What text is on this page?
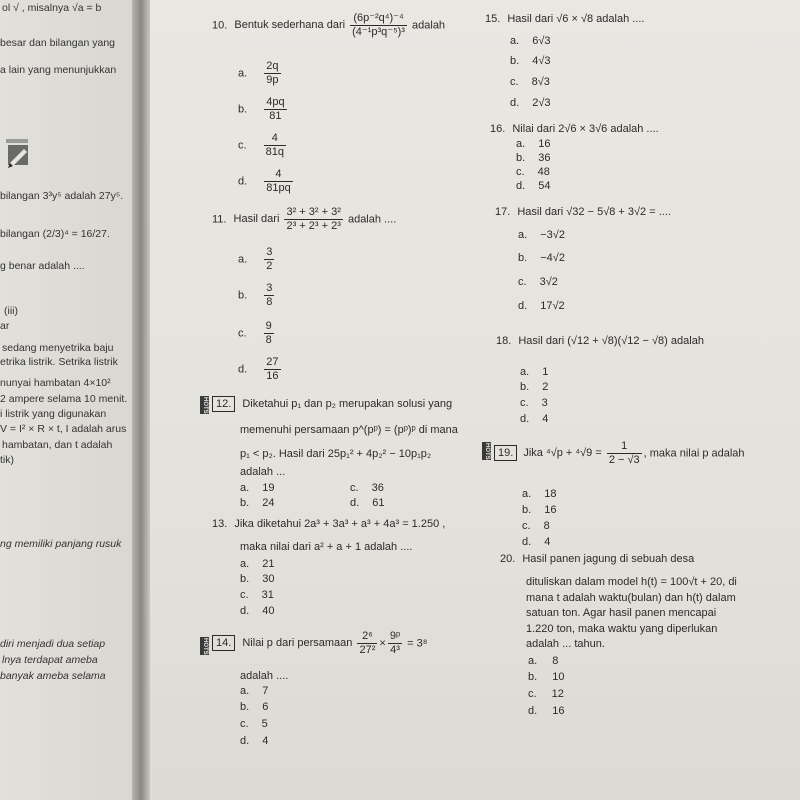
ol √ , misalnya √a = b
besar dan bilangan yang
a lain yang menunjukkan
bilangan 3³y⁵ adalah 27y⁵.
bilangan (2/3)⁴ = 16/27.
g benar adalah ....
(iii)
ar
sedang menyetrika baju
etrika listrik. Setrika listrik
nunyai hambatan 4×10²
2 ampere selama 10 menit.
i listrik yang digunakan
V = I² × R × t, I adalah arus
hambatan, dan t adalah
tik)
ng memiliki panjang rusuk
diri menjadi dua setiap
lnya terdapat ameba
banyak ameba selama
10. Bentuk sederhana dari $\frac{\text{(6p⁻²q⁴)⁻⁴}}{\text{(4⁻¹p³q⁻⁵)³}}$ adalah
a. $\frac{2q}{9p}$
b. $\frac{4pq}{81}$
c. $\frac{4}{81q}$
d. $\frac{4}{81pq}$
11. Hasil dari $\frac{\text{3² + 3² + 3²}}{\text{2³ + 2³ + 2³}}$ adalah ....
a. $\frac{3}{2}$
b. $\frac{3}{8}$
c. $\frac{9}{8}$
d. $\frac{27}{16}$
HOTS 12. Diketahui p₁ dan p₂ merupakan solusi yang
memenuhi persamaan p^(pᵖ) = (pᵖ)ᵖ di mana
p₁ < p₂. Hasil dari 25p₁² + 4p₂² − 10p₁p₂
adalah ...
a. 19
b. 24
c. 36
d. 61
13. Jika diketahui 2a³ + 3a³ + a³ + 4a³ = 1.250 ,
maka nilai dari a² + a + 1 adalah ....
a. 21
b. 30
c. 31
d. 40
HOTS 14. Nilai p dari persamaan $\frac{\text{2⁶}}{\text{27²}} \times \frac{\text{9ᵖ}}{\text{4³}} = 3^8$
adalah ....
a. 7
b. 6
c. 5
d. 4
15. Hasil dari √6 × √8 adalah ....
a. 6√3
b. 4√3
c. 8√3
d. 2√3
16. Nilai dari 2√6 × 3√6 adalah ....
a. 16
b. 36
c. 48
d. 54
17. Hasil dari √32 − 5√8 + 3√2 = ....
a. −3√2
b. −4√2
c. 3√2
d. 17√2
18. Hasil dari (√12 + √8)(√12 − √8) adalah
a. 1
b. 2
c. 3
d. 4
HOTS 19. Jika $^4√p + ^4√9 = \frac{1}{2 - √3}$ , maka nilai p adalah
a. 18
b. 16
c. 8
d. 4
20. Hasil panen jagung di sebuah desa
dituliskan dalam model h(t) = 100√t + 20, di
mana t adalah waktu(bulan) dan h(t) dalam
satuan ton. Agar hasil panen mencapai
1.220 ton, maka waktu yang diperlukan
adalah ... tahun.
a. 8
b. 10
c. 12
d. 16
